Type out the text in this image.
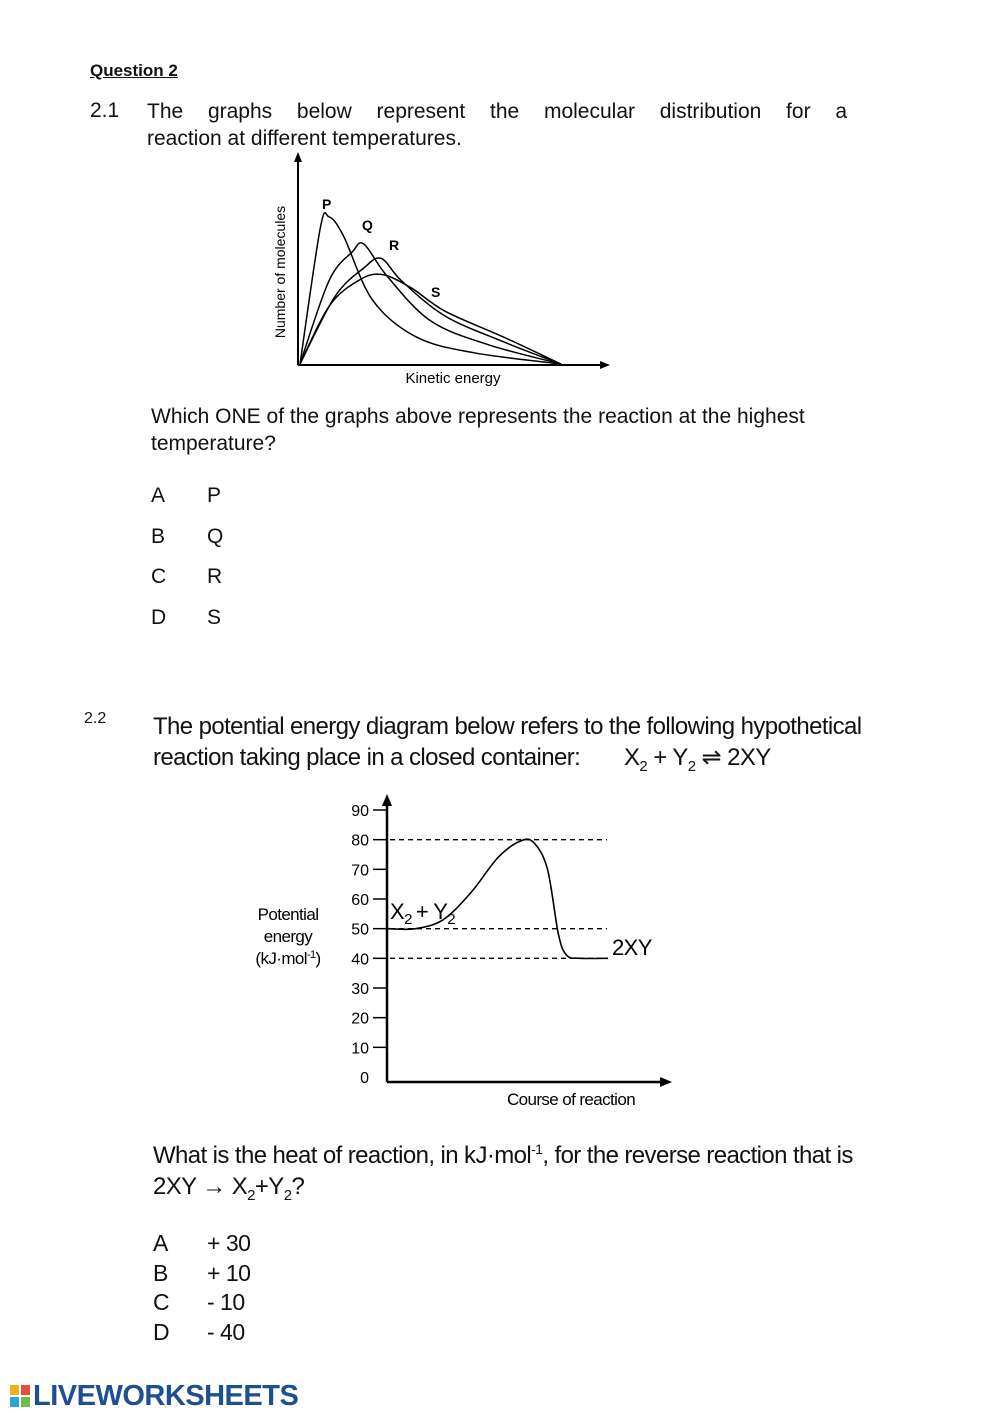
Question 2
2.1 The graphs below represent the molecular distribution for a
reaction at different temperatures.
Kinetic energy
Number of molecules
P
Q
R
S
Which ONE of the graphs above represents the reaction at the highest
temperature?
A P
B Q
C R
D S
2.2 The potential energy diagram below refers to the following hypothetical
reaction taking place in a closed container: $X_2 + Y_2$ ⇌ 2XY
0
10
20
30
40
50
60
70
80
90
Course of reaction
Potential
energy
(kJ·mol$^{-1}$)
$X_2 + Y_2$
2XY
What is the heat of reaction, in kJ·mol$^{-1}$, for the reverse reaction that is
$2XY \to X_2+Y_2$?
A + 30
B + 10
C - 10
D - 40
LIVEWORKSHEETS
